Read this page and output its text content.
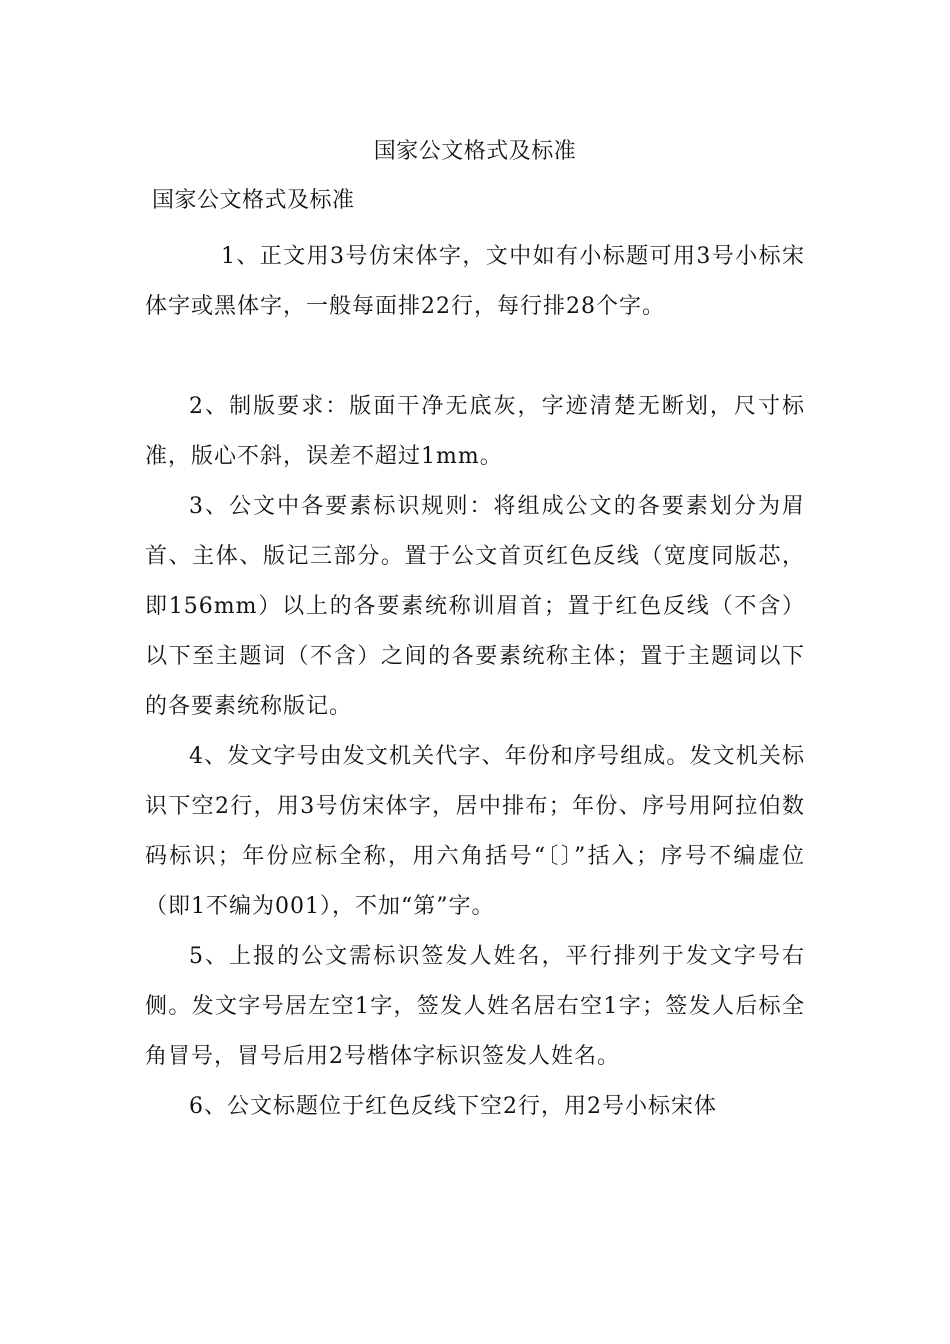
国家公文格式及标准
国家公文格式及标准

1、正文用3号仿宋体字，文中如有小标题可用3号小标宋体字或黑体字，一般每面排22行，每行排28个字。

2、制版要求：版面干净无底灰，字迹清楚无断划，尺寸标准，版心不斜，误差不超过1mm。

3、公文中各要素标识规则：将组成公文的各要素划分为眉首、主体、版记三部分。置于公文首页红色反线（宽度同版芯，即156mm）以上的各要素统称训眉首；置于红色反线（不含）以下至主题词（不含）之间的各要素统称主体；置于主题词以下的各要素统称版记。

4、发文字号由发文机关代字、年份和序号组成。发文机关标识下空2行，用3号仿宋体字，居中排布；年份、序号用阿拉伯数码标识；年份应标全称，用六角括号“〔〕”括入；序号不编虚位（即1不编为001），不加“第”字。

5、上报的公文需标识签发人姓名，平行排列于发文字号右侧。发文字号居左空1字，签发人姓名居右空1字；签发人后标全角冒号，冒号后用2号楷体字标识签发人姓名。

6、公文标题位于红色反线下空2行，用2号小标宋体
